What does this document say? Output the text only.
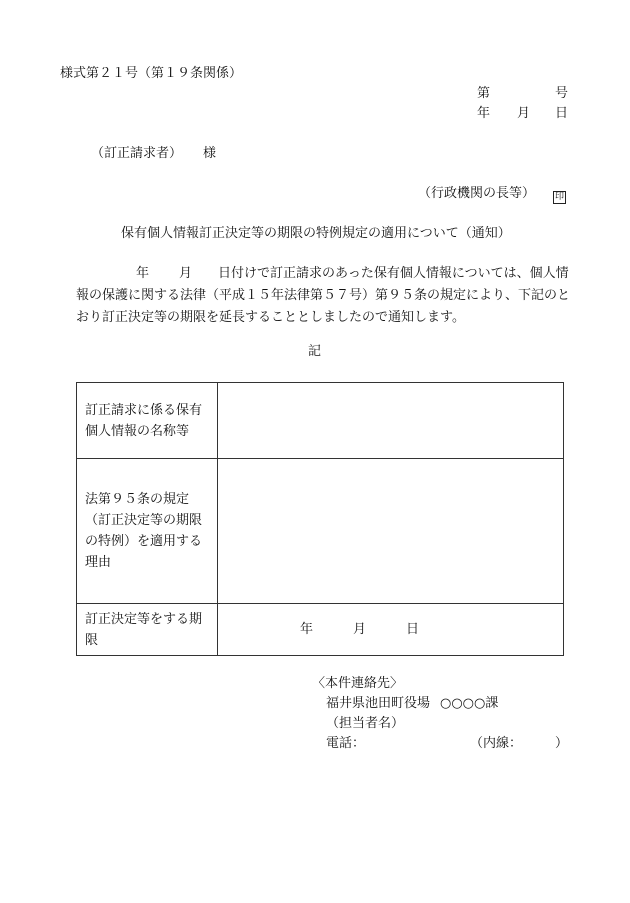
様式第２１号（第１９条関係）
第	号
年 月 日
（訂正請求者） 様
（行政機関の長等） 印
保有個人情報訂正決定等の期限の特例規定の適用について（通知）
年 月 日付けで訂正請求のあった保有個人情報については、個人情報の保護に関する法律（平成１５年法律第５７号）第９５条の規定により、下記のとおり訂正決定等の期限を延長することとしましたので通知します。
記
訂正請求に係る保有個人情報の名称等	
法第９５条の規定（訂正決定等の期限の特例）を適用する理由	
訂正決定等をする期限	年 月 日
〈本件連絡先〉
福井県池田町役場 ○○○○課
（担当者名）
電話：	（内線：	）
